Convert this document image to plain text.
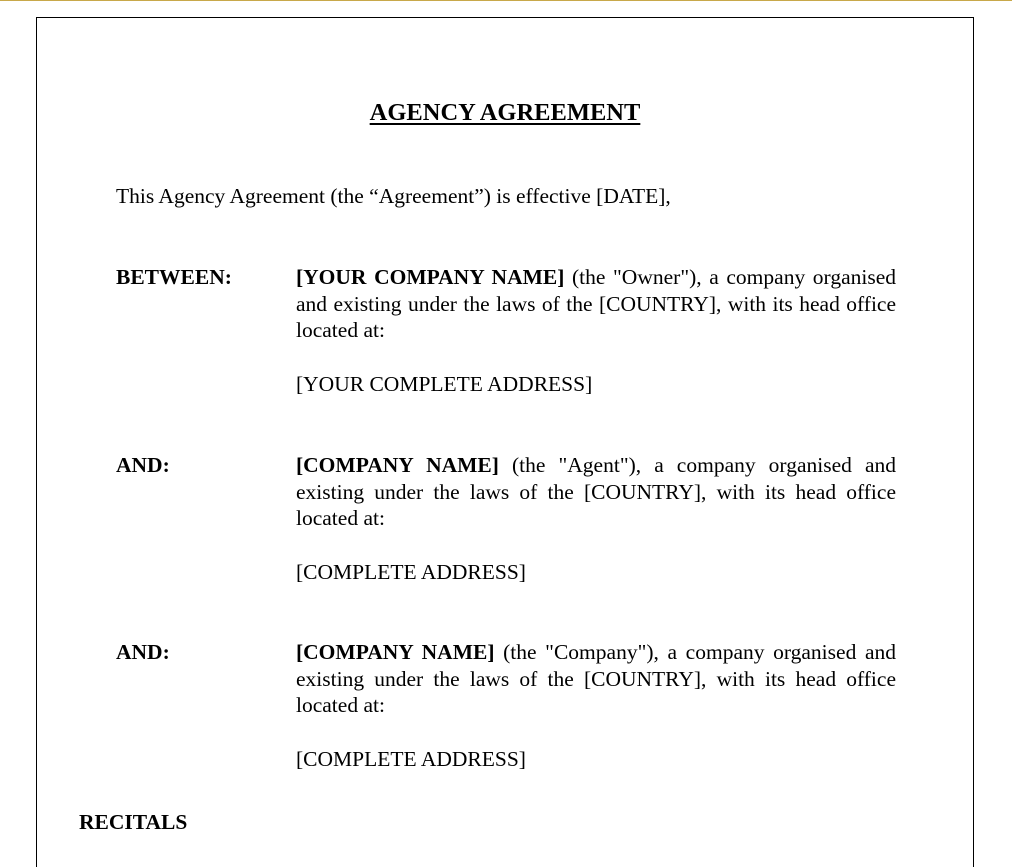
AGENCY AGREEMENT
This Agency Agreement (the “Agreement”) is effective [DATE],
BETWEEN:	[YOUR COMPANY NAME] (the "Owner"), a company organised and existing under the laws of the [COUNTRY], with its head office located at:
[YOUR COMPLETE ADDRESS]
AND:	[COMPANY NAME] (the "Agent"), a company organised and existing under the laws of the [COUNTRY], with its head office located at:
[COMPLETE ADDRESS]
AND:	[COMPANY NAME] (the "Company"), a company organised and existing under the laws of the [COUNTRY], with its head office located at:
[COMPLETE ADDRESS]
RECITALS
